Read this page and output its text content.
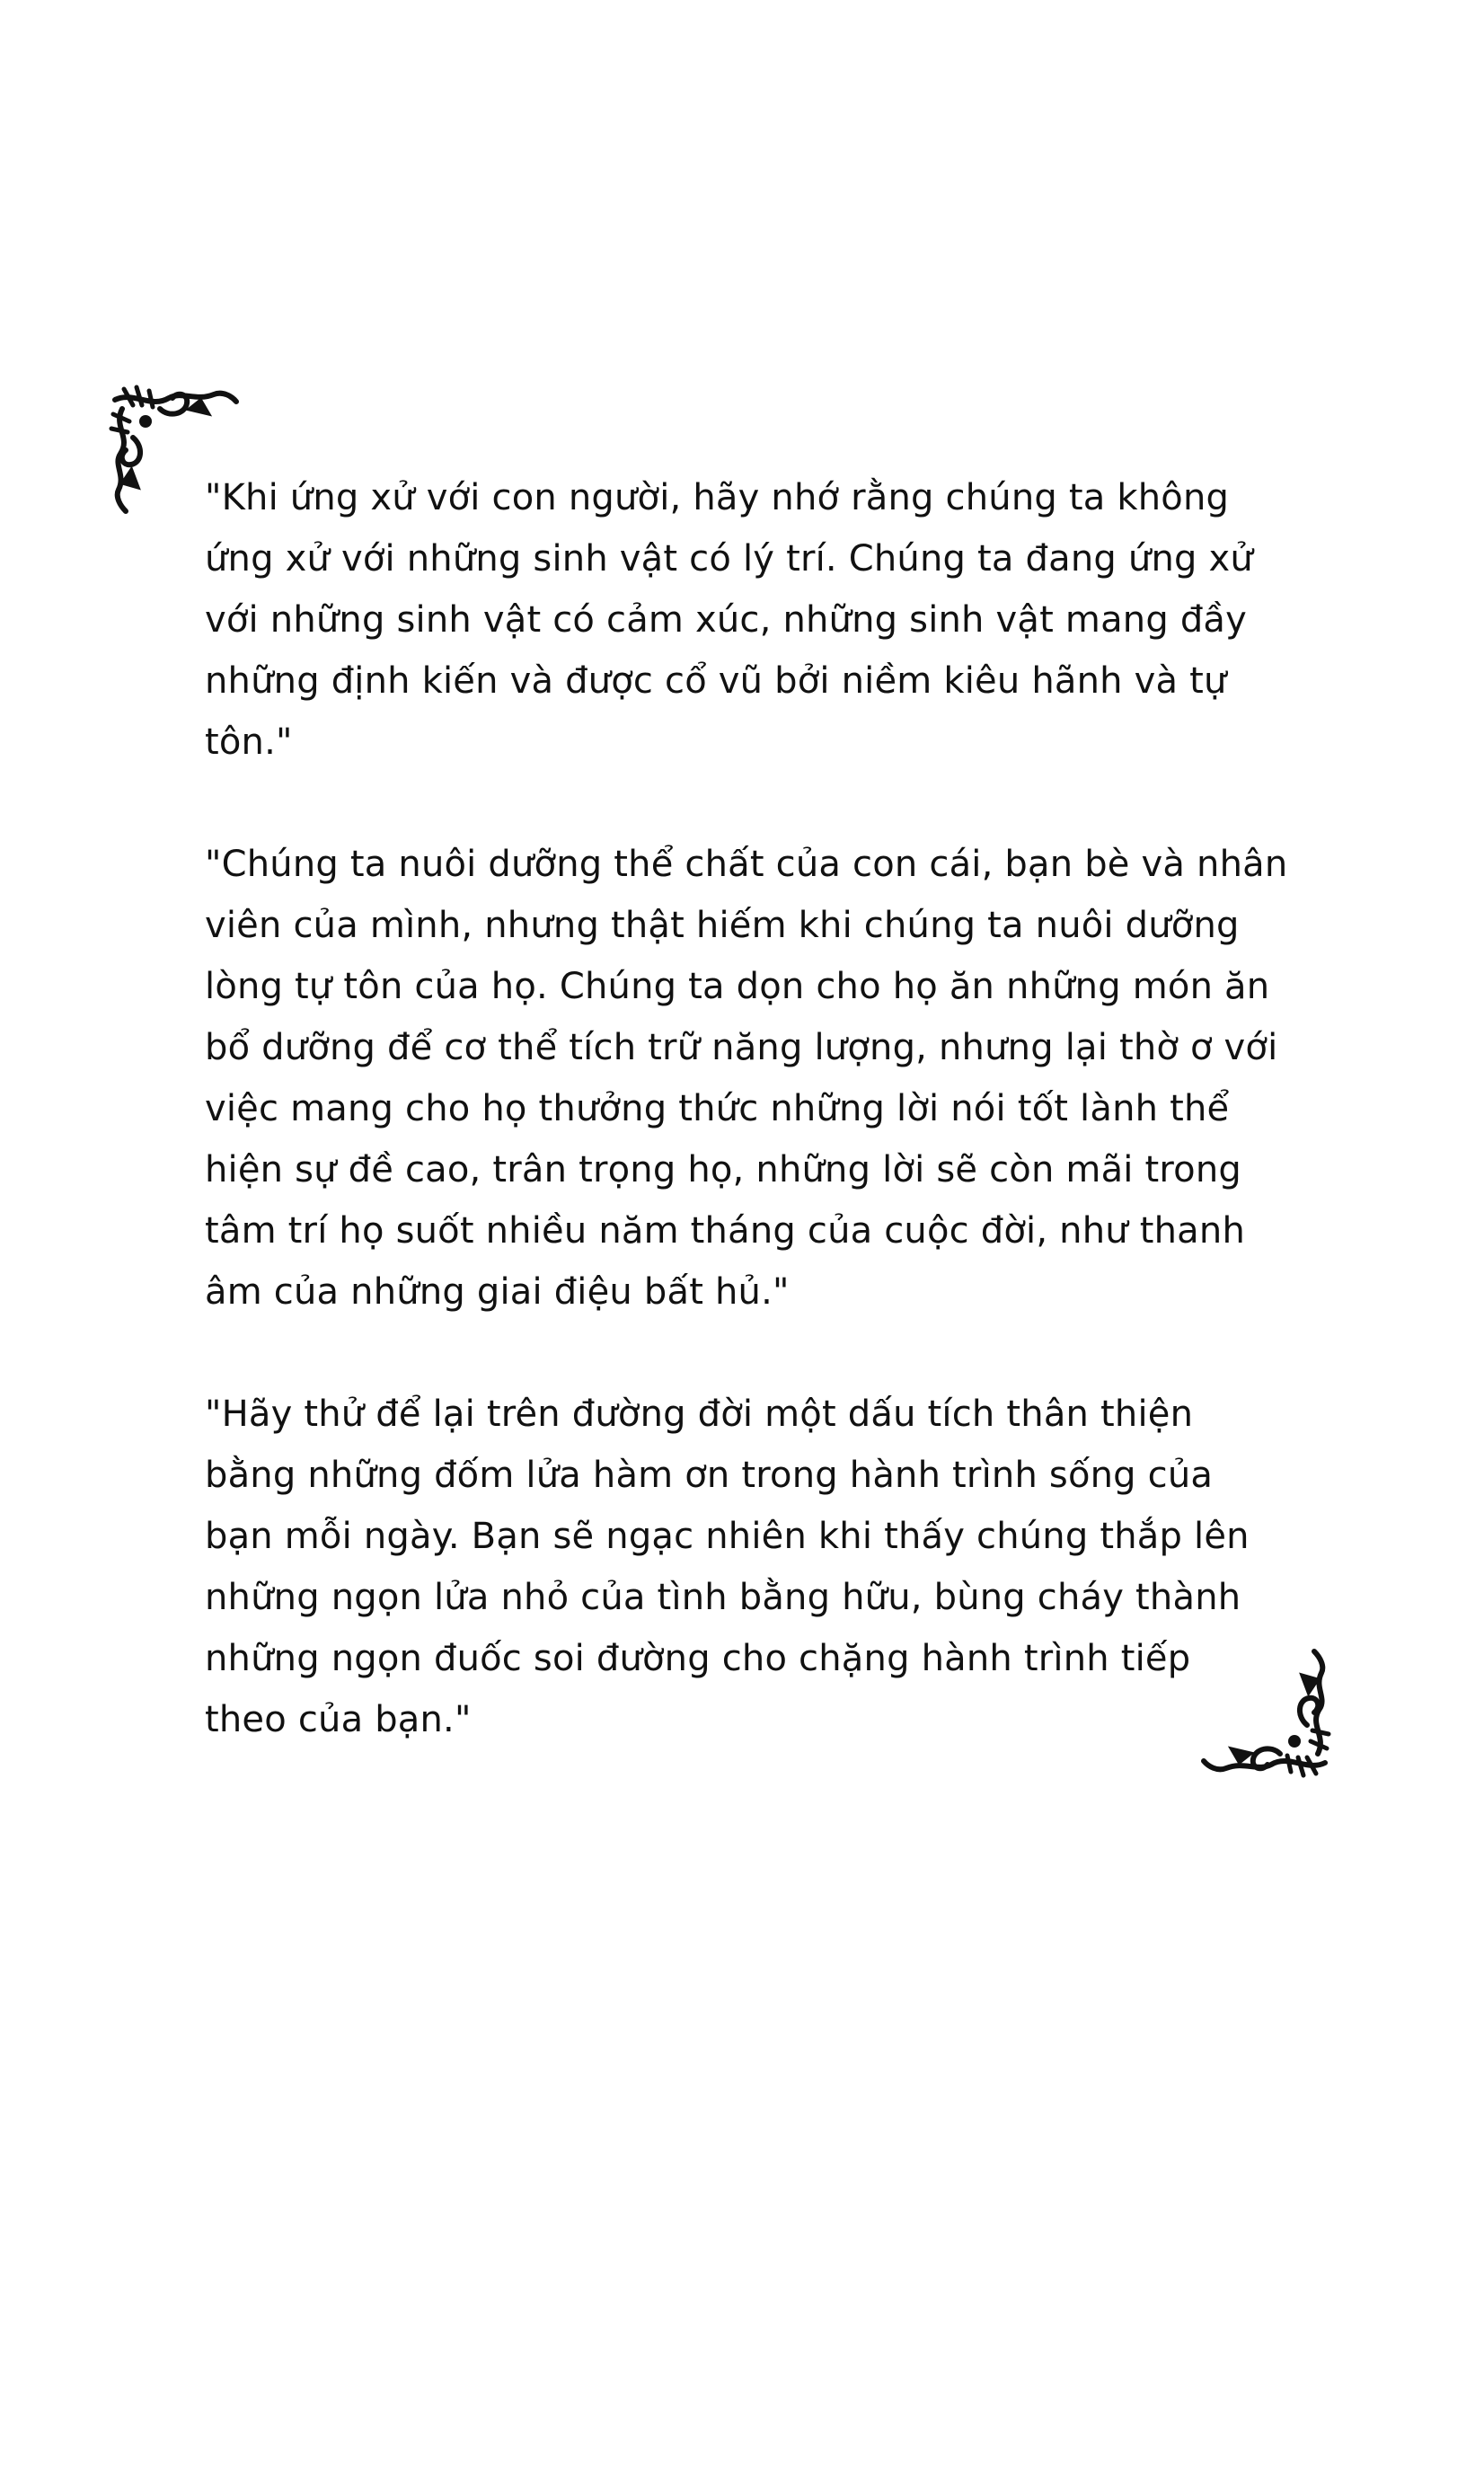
"Khi ứng xử với con người, hãy nhớ rằng chúng ta không
ứng xử với những sinh vật có lý trí. Chúng ta đang ứng xử
với những sinh vật có cảm xúc, những sinh vật mang đầy
những định kiến và được cổ vũ bởi niềm kiêu hãnh và tự
tôn."

"Chúng ta nuôi dưỡng thể chất của con cái, bạn bè và nhân
viên của mình, nhưng thật hiếm khi chúng ta nuôi dưỡng
lòng tự tôn của họ. Chúng ta dọn cho họ ăn những món ăn
bổ dưỡng để cơ thể tích trữ năng lượng, nhưng lại thờ ơ với
việc mang cho họ thưởng thức những lời nói tốt lành thể
hiện sự đề cao, trân trọng họ, những lời sẽ còn mãi trong
tâm trí họ suốt nhiều năm tháng của cuộc đời, như thanh
âm của những giai điệu bất hủ."

"Hãy thử để lại trên đường đời một dấu tích thân thiện
bằng những đốm lửa hàm ơn trong hành trình sống của
bạn mỗi ngày. Bạn sẽ ngạc nhiên khi thấy chúng thắp lên
những ngọn lửa nhỏ của tình bằng hữu, bùng cháy thành
những ngọn đuốc soi đường cho chặng hành trình tiếp
theo của bạn."
